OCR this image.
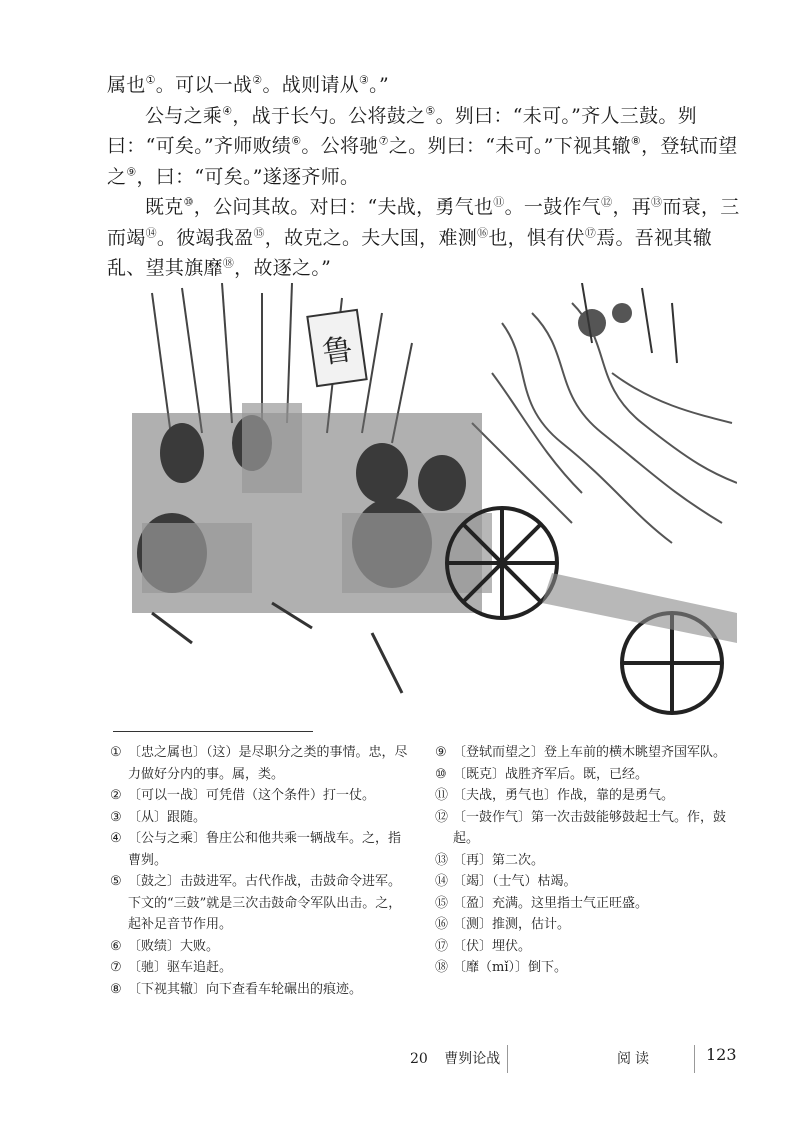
属也①。可以一战②。战则请从③。”

公与之乘④，战于长勺。公将鼓之⑤。刿曰：“未可。”齐人三鼓。刿曰：“可矣。”齐师败绩⑥。公将驰⑦之。刿曰：“未可。”下视其辙⑧，登轼而望之⑨，曰：“可矣。”遂逐齐师。

既克⑩，公问其故。对曰：“夫战，勇气也⑪。一鼓作气⑫，再⑬而衰，三而竭⑭。彼竭我盈⑮，故克之。夫大国，难测⑯也，惧有伏⑰焉。吾视其辙乱、望其旗靡⑱，故逐之。”

鲁
① 〔忠之属也〕（这）是尽职分之类的事情。忠，尽力做好分内的事。属，类。
② 〔可以一战〕可凭借（这个条件）打一仗。
③ 〔从〕跟随。
④ 〔公与之乘〕鲁庄公和他共乘一辆战车。之，指曹刿。
⑤ 〔鼓之〕击鼓进军。古代作战，击鼓命令进军。下文的“三鼓”就是三次击鼓命令军队出击。之，起补足音节作用。
⑥ 〔败绩〕大败。
⑦ 〔驰〕驱车追赶。
⑧ 〔下视其辙〕向下查看车轮碾出的痕迹。
⑨ 〔登轼而望之〕登上车前的横木眺望齐国军队。
⑩ 〔既克〕战胜齐军后。既，已经。
⑪ 〔夫战，勇气也〕作战，靠的是勇气。
⑫ 〔一鼓作气〕第一次击鼓能够鼓起士气。作，鼓起。
⑬ 〔再〕第二次。
⑭ 〔竭〕（士气）枯竭。
⑮ 〔盈〕充满。这里指士气正旺盛。
⑯ 〔测〕推测，估计。
⑰ 〔伏〕埋伏。
⑱ 〔靡（mǐ）〕倒下。
20 曹刿论战	阅读	123
